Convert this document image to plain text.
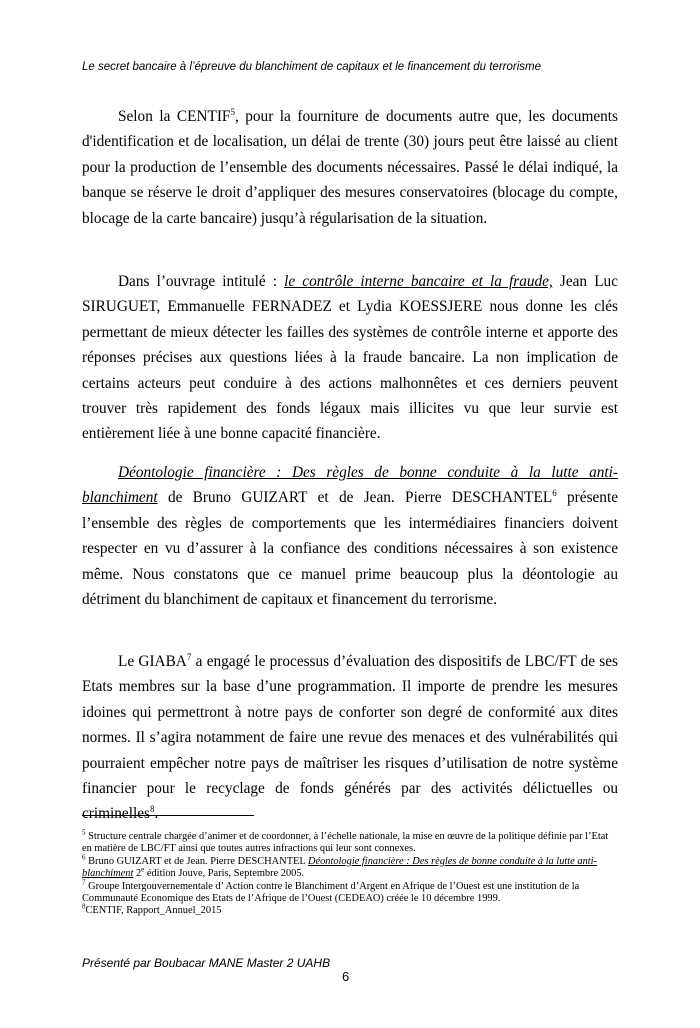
Le secret bancaire à l’épreuve du blanchiment de capitaux et le financement du terrorisme

Selon la CENTIF$^5$, pour la fourniture de documents autre que, les documents d'identification et de localisation, un délai de trente (30) jours peut être laissé au client pour la production de l’ensemble des documents nécessaires. Passé le délai indiqué, la banque se réserve le droit d’appliquer des mesures conservatoires (blocage du compte, blocage de la carte bancaire) jusqu’à régularisation de la situation.

Dans l’ouvrage intitulé : le contrôle interne bancaire et la fraude, Jean Luc SIRUGUET, Emmanuelle FERNADEZ et Lydia KOESSJERE nous donne les clés permettant de mieux détecter les failles des systèmes de contrôle interne et apporte des réponses précises aux questions liées à la fraude bancaire. La non implication de certains acteurs peut conduire à des actions malhonnêtes et ces derniers peuvent trouver très rapidement des fonds légaux mais illicites vu que leur survie est entièrement liée à une bonne capacité financière.

Déontologie financière : Des règles de bonne conduite à la lutte anti- blanchiment de Bruno GUIZART et de Jean. Pierre DESCHANTEL$^6$ présente l’ensemble des règles de comportements que les intermédiaires financiers doivent respecter en vu d’assurer à la confiance des conditions nécessaires à son existence même. Nous constatons que ce manuel prime beaucoup plus la déontologie au détriment du blanchiment de capitaux et financement du terrorisme.

Le GIABA$^7$ a engagé le processus d’évaluation des dispositifs de LBC/FT de ses Etats membres sur la base d’une programmation. Il importe de prendre les mesures idoines qui permettront à notre pays de conforter son degré de conformité aux dites normes. Il s’agira notamment de faire une revue des menaces et des vulnérabilités qui pourraient empêcher notre pays de maîtriser les risques d’utilisation de notre système financier pour le recyclage de fonds générés par des activités délictuelles ou criminelles$^8$.

$^5$ Structure centrale chargée d’animer et de coordonner, à l’échelle nationale, la mise en œuvre de la politique définie par l’Etat en matière de LBC/FT ainsi que toutes autres infractions qui leur sont connexes.

$^6$ Bruno GUIZART et de Jean. Pierre DESCHANTEL Déontologie financière : Des règles de bonne conduite à la lutte anti-blanchiment 2e édition Jouve, Paris, Septembre 2005.

$^7$ Groupe Intergouvernementale d’ Action contre le Blanchiment d’Argent en Afrique de l’Ouest est une institution de la Communauté Economique des Etats de l’Afrique de l’Ouest (CEDEAO) créée le 10 décembre 1999.

$^8$CENTIF, Rapport_Annuel_2015

Présenté par Boubacar MANE Master 2 UAHB
6
